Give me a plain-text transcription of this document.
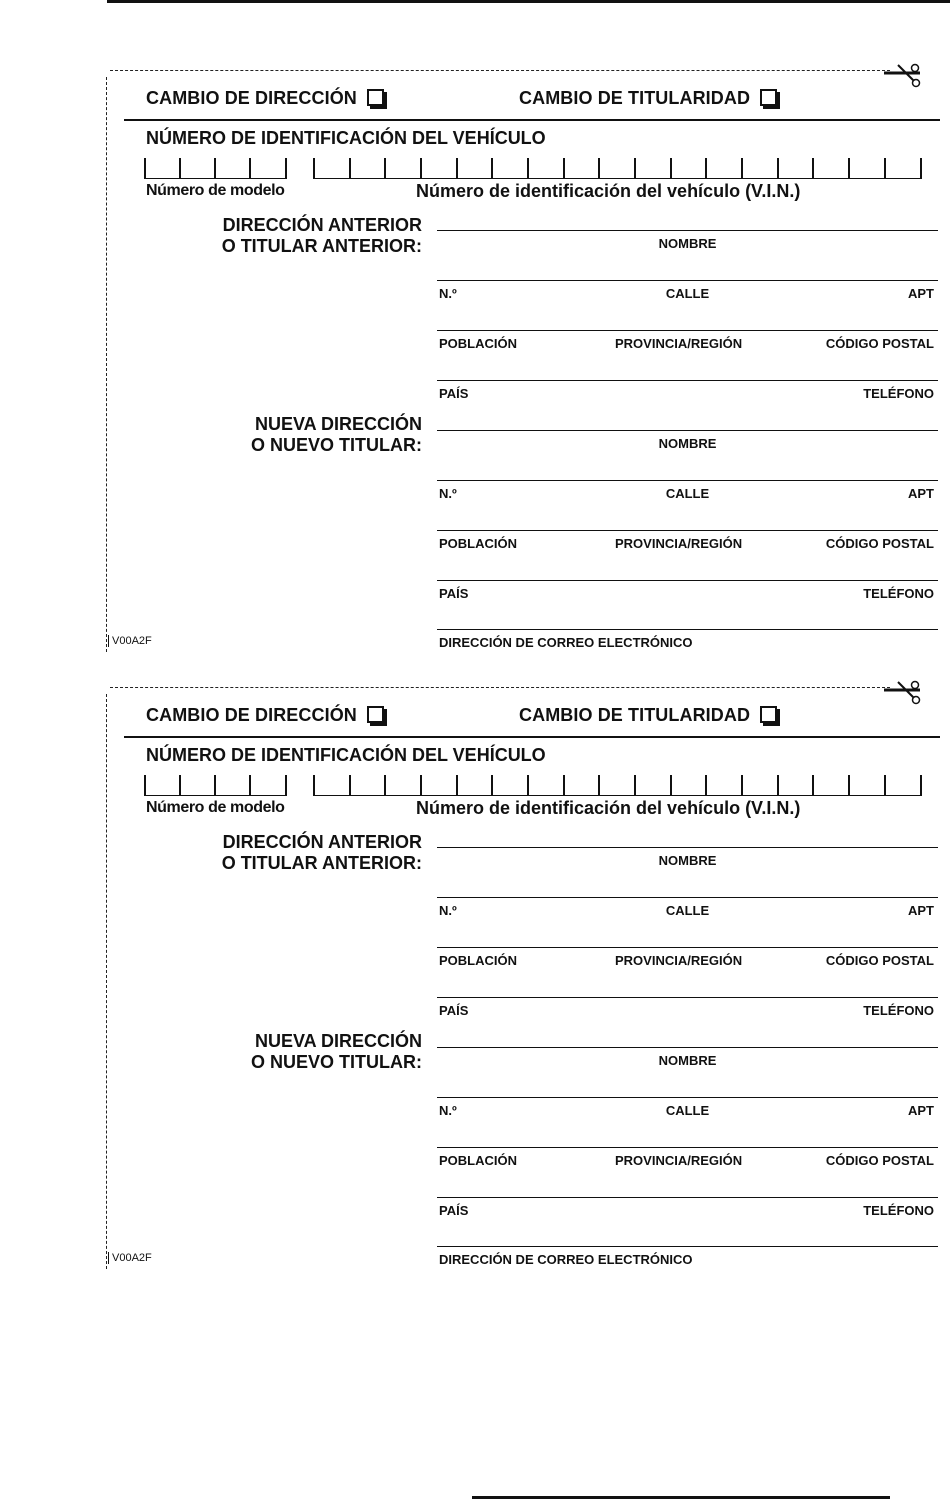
CAMBIO DE DIRECCIÓN	CAMBIO DE TITULARIDAD
NÚMERO DE IDENTIFICACIÓN DEL VEHÍCULO
Número de modelo	Número de identificación del vehículo (V.I.N.)
DIRECCIÓN ANTERIOR
O TITULAR ANTERIOR:	NOMBRE
N.º	CALLE	APT
POBLACIÓN	PROVINCIA/REGIÓN	CÓDIGO POSTAL
PAÍS	TELÉFONO
NUEVA DIRECCIÓN
O NUEVO TITULAR:	NOMBRE
N.º	CALLE	APT
POBLACIÓN	PROVINCIA/REGIÓN	CÓDIGO POSTAL
PAÍS	TELÉFONO
DIRECCIÓN DE CORREO ELECTRÓNICO
V00A2F
CAMBIO DE DIRECCIÓN	CAMBIO DE TITULARIDAD
NÚMERO DE IDENTIFICACIÓN DEL VEHÍCULO
Número de modelo	Número de identificación del vehículo (V.I.N.)
DIRECCIÓN ANTERIOR
O TITULAR ANTERIOR:	NOMBRE
N.º	CALLE	APT
POBLACIÓN	PROVINCIA/REGIÓN	CÓDIGO POSTAL
PAÍS	TELÉFONO
NUEVA DIRECCIÓN
O NUEVO TITULAR:	NOMBRE
N.º	CALLE	APT
POBLACIÓN	PROVINCIA/REGIÓN	CÓDIGO POSTAL
PAÍS	TELÉFONO
DIRECCIÓN DE CORREO ELECTRÓNICO
V00A2F
